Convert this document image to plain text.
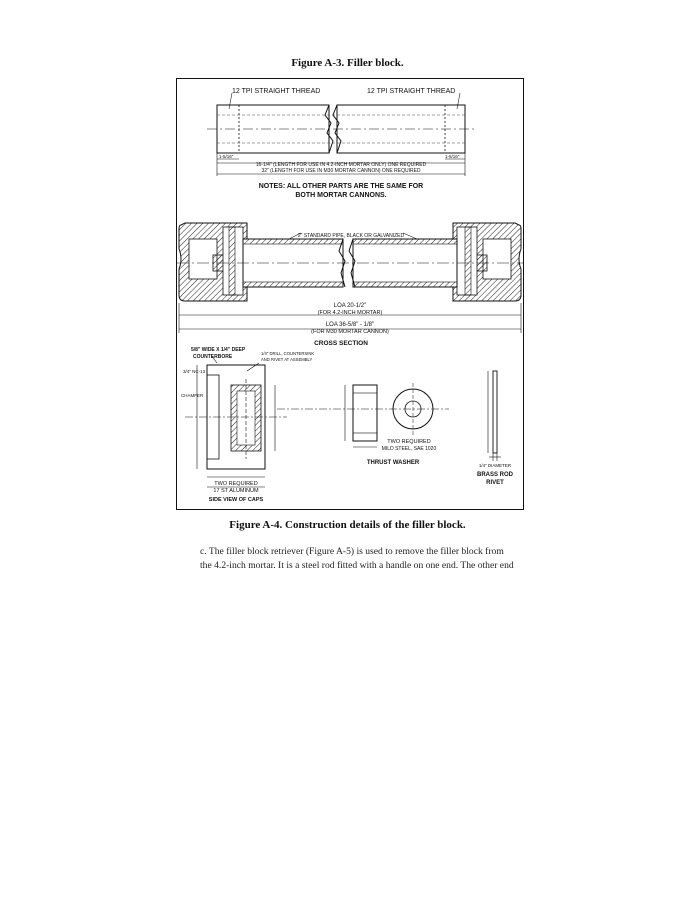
Figure A-3. Filler block.
12 TPI STRAIGHT THREAD	12 TPI STRAIGHT THREAD
1-5/16"	1-5/16"
16-1/4" (LENGTH FOR USE IN 4.2-INCH MORTAR ONLY) ONE REQUIRED
32" (LENGTH FOR USE IN M30 MORTAR CANNON) ONE REQUIRED
NOTES: ALL OTHER PARTS ARE THE SAME FOR
BOTH MORTAR CANNONS.
2" STANDARD PIPE, BLACK OR GALVANIZED
LOA 20-1/2"
(FOR 4.2-INCH MORTAR)
LOA 36-5/8" - 1/8"
(FOR M30 MORTAR CANNON)
CROSS SECTION
5/8" WIDE X 1/4" DEEP
COUNTERBORE
1/4" DRILL, COUNTERSINK
AND RIVET AT ASSEMBLY
3/4" NC-13
CHAMFER
TWO REQUIRED
17 ST ALUMINUM
SIDE VIEW OF CAPS
TWO REQUIRED
MILD STEEL, SAE 1020
THRUST WASHER	1/4" DIAMETER
BRASS ROD
RIVET
Figure A-4. Construction details of the filler block.

c. The filler block retriever (Figure A-5) is used to remove the filler block from

the 4.2-inch mortar. It is a steel rod fitted with a handle on one end. The other end
